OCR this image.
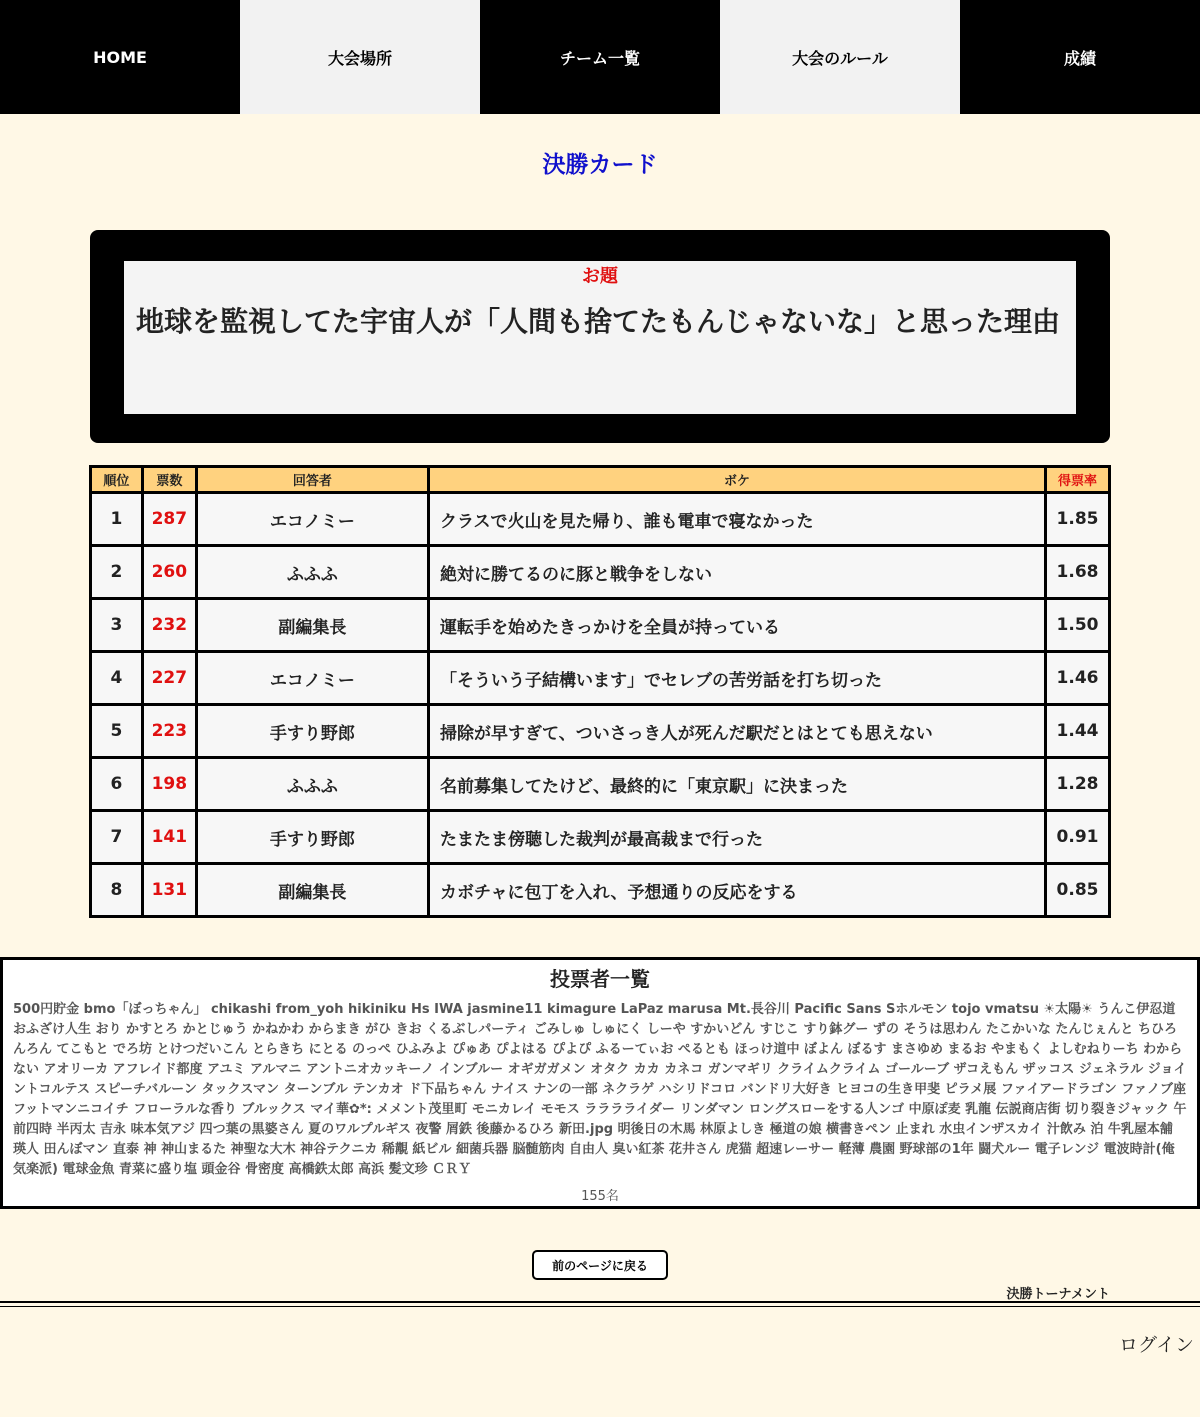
HOME	大会場所	チーム一覧	大会のルール	成績
決勝カード
お題
地球を監視してた宇宙人が「人間も捨てたもんじゃないな」と思った理由
順位	票数	回答者	ボケ	得票率
1	287	エコノミー	クラスで火山を見た帰り、誰も電車で寝なかった	1.85
2	260	ふふふ	絶対に勝てるのに豚と戦争をしない	1.68
3	232	副編集長	運転手を始めたきっかけを全員が持っている	1.50
4	227	エコノミー	「そういう子結構います」でセレブの苦労話を打ち切った	1.46
5	223	手すり野郎	掃除が早すぎて、ついさっき人が死んだ駅だとはとても思えない	1.44
6	198	ふふふ	名前募集してたけど、最終的に「東京駅」に決まった	1.28
7	141	手すり野郎	たまたま傍聴した裁判が最高裁まで行った	0.91
8	131	副編集長	カボチャに包丁を入れ、予想通りの反応をする	0.85
投票者一覧

500円貯金 bmo「ぼっちゃん」 chikashi from_yoh hikiniku Hs IWA jasmine11 kimagure LaPaz marusa Mt.長谷川 Pacific Sans Sホルモン tojo vmatsu ☀太陽☀ うんこ伊忍道 おふざけ人生 おり かすとろ かとじゅう かねかわ からまき がひ きお くるぶしパーティ ごみしゅ しゅにく しーや すかいどん すじこ すり鉢グー ずの そうは思わん たこかいな たんじぇんと ちひろんろん てこもと でろ坊 とけつだいこん とらきち にとる のっぺ ひふみよ ぴゅあ ぴよはる ぴよぴ ふるーてぃお ぺるとも ほっけ道中 ぼよん ぼるす まさゆめ まるお やまもく よしむねりーち わからない アオリーカ アフレイド都度 アユミ アルマニ アントニオカッキーノ インブルー オギガガメン オタク カカ カネコ ガンマギリ クライムクライム ゴールーブ ザコえもん ザッコス ジェネラル ジョイントコルテス スピーチバルーン タックスマン ターンブル テンカオ ド下品ちゃん ナイス ナンの一部 ネクラゲ ハシリドコロ バンドリ大好き ヒヨコの生き甲斐 ピラメ展 ファイアードラゴン ファノブ座 フットマンニコイチ フローラルな香り ブルックス マイ華✿*: メメント茂里町 モニカレイ モモス ラララライダー リンダマン ロングスローをする人ンゴ 中原ぽ麦 乳龍 伝説商店街 切り裂きジャック 午前四時 半丙太 吉永 味本気アジ 四つ葉の黒婆さん 夏のワルプルギス 夜警 屑鉄 後藤かるひろ 新田.jpg 明後日の木馬 林原よしき 極道の娘 横書きペン 止まれ 水虫インザスカイ 汁飲み 泊 牛乳屋本舗 瑛人 田んぼマン 直泰 神 神山まるた 神聖な大木 神谷テクニカ 稀覯 紙ビル 細菌兵器 脳髄筋肉 自由人 臭い紅茶 花井さん 虎猫 超速レーサー 軽薄 農園 野球部の1年 闘犬ルー 電子レンジ 電波時計(俺気楽派) 電球金魚 青菜に盛り塩 頭金谷 骨密度 高橋鉄太郎 高浜 髪文珍 ＣＲＹ

155名
前のページに戻る
決勝トーナメント
ログイン
